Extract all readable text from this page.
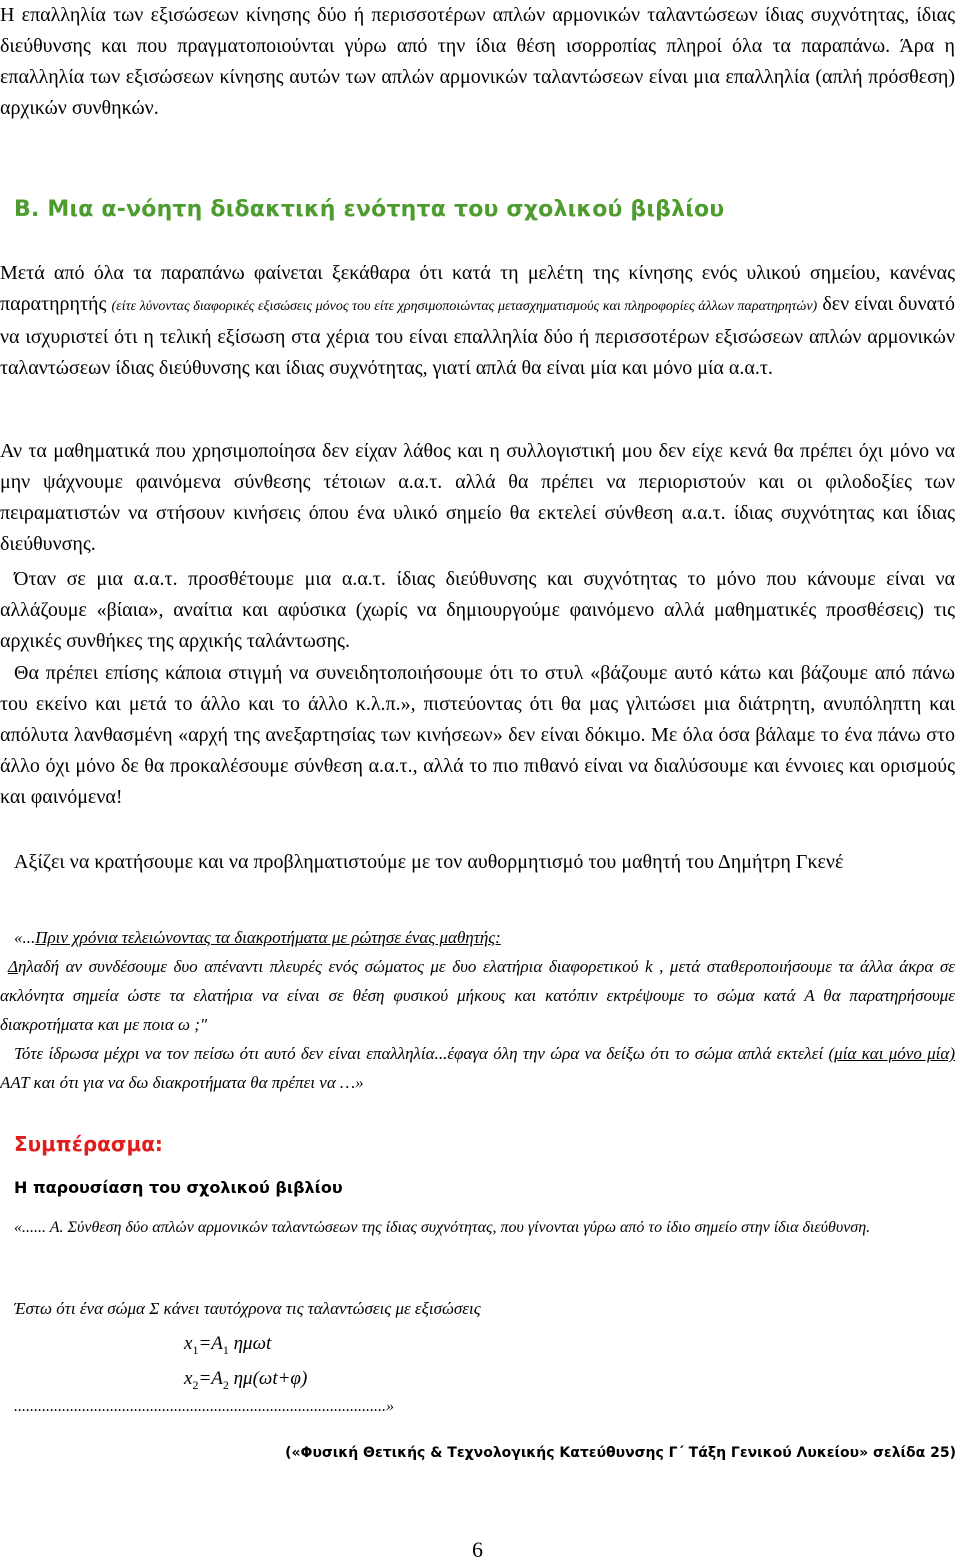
Η επαλληλία των εξισώσεων κίνησης δύο ή περισσοτέρων απλών αρμονικών ταλαντώσεων ίδιας συχνότητας, ίδιας διεύθυνσης και που πραγματοποιούνται γύρω από την ίδια θέση ισορροπίας πληροί όλα τα παραπάνω. Άρα η επαλληλία των εξισώσεων κίνησης αυτών των απλών αρμονικών ταλαντώσεων είναι μια επαλληλία (απλή πρόσθεση) αρχικών συνθηκών.

Β. Μια α-νόητη διδακτική ενότητα του σχολικού βιβλίου

Μετά από όλα τα παραπάνω φαίνεται ξεκάθαρα ότι κατά τη μελέτη της κίνησης ενός υλικού σημείου, κανένας παρατηρητής (είτε λύνοντας διαφορικές εξισώσεις μόνος του είτε χρησιμοποιώντας μετασχηματισμούς και πληροφορίες άλλων παρατηρητών) δεν είναι δυνατό να ισχυριστεί ότι η τελική εξίσωση στα χέρια του είναι επαλληλία δύο ή περισσοτέρων εξισώσεων απλών αρμονικών ταλαντώσεων ίδιας διεύθυνσης και ίδιας συχνότητας, γιατί απλά θα είναι μία και μόνο μία α.α.τ.

Αν τα μαθηματικά που χρησιμοποίησα δεν είχαν λάθος και η συλλογιστική μου δεν είχε κενά θα πρέπει όχι μόνο να μην ψάχνουμε φαινόμενα σύνθεσης τέτοιων α.α.τ. αλλά θα πρέπει να περιοριστούν και οι φιλοδοξίες των πειραματιστών να στήσουν κινήσεις όπου ένα υλικό σημείο θα εκτελεί σύνθεση α.α.τ. ίδιας συχνότητας και ίδιας διεύθυνσης.

Όταν σε μια α.α.τ. προσθέτουμε μια α.α.τ. ίδιας διεύθυνσης και συχνότητας το μόνο που κάνουμε είναι να αλλάζουμε «βίαια», αναίτια και αφύσικα (χωρίς να δημιουργούμε φαινόμενο αλλά μαθηματικές προσθέσεις) τις αρχικές συνθήκες της αρχικής ταλάντωσης.

Θα πρέπει επίσης κάποια στιγμή να συνειδητοποιήσουμε ότι το στυλ «βάζουμε αυτό κάτω και βάζουμε από πάνω του εκείνο και μετά το άλλο και το άλλο κ.λ.π.», πιστεύοντας ότι θα μας γλιτώσει μια διάτρητη, ανυπόληπτη και απόλυτα λανθασμένη «αρχή της ανεξαρτησίας των κινήσεων» δεν είναι δόκιμο. Με όλα όσα βάλαμε το ένα πάνω στο άλλο όχι μόνο δε θα προκαλέσουμε σύνθεση α.α.τ., αλλά το πιο πιθανό είναι να διαλύσουμε και έννοιες και ορισμούς και φαινόμενα!

Αξίζει να κρατήσουμε και να προβληματιστούμε με τον αυθορμητισμό του μαθητή του Δημήτρη Γκενέ

«...Πριν χρόνια τελειώνοντας τα διακροτήματα με ρώτησε ένας μαθητής:
Δηλαδή αν συνδέσουμε δυο απέναντι πλευρές ενός σώματος με δυο ελατήρια διαφορετικού k , μετά σταθεροποιήσουμε τα άλλα άκρα σε ακλόνητα σημεία ώστε τα ελατήρια να είναι σε θέση φυσικού μήκους και κατόπιν εκτρέψουμε το σώμα κατά Α θα παρατηρήσουμε διακροτήματα και με ποια ω ;"
Τότε ίδρωσα μέχρι να τον πείσω ότι αυτό δεν είναι επαλληλία...έφαγα όλη την ώρα να δείξω ότι το σώμα απλά εκτελεί (μία και μόνο μία) ΑΑΤ και ότι για να δω διακροτήματα θα πρέπει να …»

Συμπέρασμα:
Η παρουσίαση του σχολικού βιβλίου

«...... Α. Σύνθεση δύο απλών αρμονικών ταλαντώσεων της ίδιας συχνότητας, που γίνονται γύρω από το ίδιο σημείο στην ίδια διεύθυνση.

Έστω ότι ένα σώμα Σ κάνει ταυτόχρονα τις ταλαντώσεις με εξισώσεις

$x_1=A_1$ ημωt
$x_2=A_2$ ημ(ωt+φ)
.............................................................................................»
(«Φυσική Θετικής & Τεχνολογικής Κατεύθυνσης Γ΄ Τάξη Γενικού Λυκείου» σελίδα 25)
6
